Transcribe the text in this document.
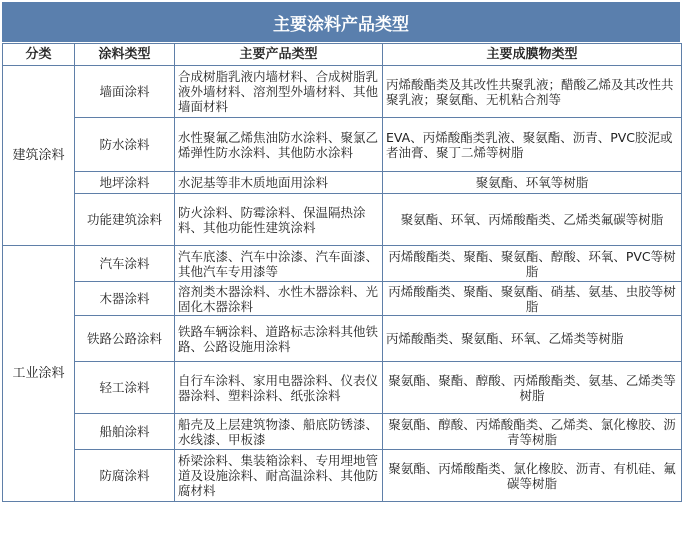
主要涂料产品类型
分类	涂料类型	主要产品类型	主要成膜物类型
建筑涂料	墙面涂料	合成树脂乳液内墙材料、合成树脂乳液外墙材料、溶剂型外墙材料、其他墙面材料	丙烯酸酯类及其改性共聚乳液；醋酸乙烯及其改性共聚乳液；聚氨酯、无机粘合剂等
	防水涂料	水性聚氟乙烯焦油防水涂料、聚氯乙烯弹性防水涂料、其他防水涂料	EVA、丙烯酸酯类乳液、聚氨酯、沥青、PVC胶泥或者油膏、聚丁二烯等树脂
	地坪涂料	水泥基等非木质地面用涂料	聚氨酯、环氧等树脂
	功能建筑涂料	防火涂料、防霉涂料、保温隔热涂料、其他功能性建筑涂料	聚氨酯、环氧、丙烯酸酯类、乙烯类氟碳等树脂
工业涂料	汽车涂料	汽车底漆、汽车中涂漆、汽车面漆、其他汽车专用漆等	丙烯酸酯类、聚酯、聚氨酯、醇酸、环氧、PVC等树脂
	木器涂料	溶剂类木器涂料、水性木器涂料、光固化木器涂料	丙烯酸酯类、聚酯、聚氨酯、硝基、氨基、虫胶等树脂
	铁路公路涂料	铁路车辆涂料、道路标志涂料其他铁路、公路设施用涂料	丙烯酸酯类、聚氨酯、环氧、乙烯类等树脂
	轻工涂料	自行车涂料、家用电器涂料、仪表仪器涂料、塑料涂料、纸张涂料	聚氨酯、聚酯、醇酸、丙烯酸酯类、氨基、乙烯类等树脂
	船舶涂料	船壳及上层建筑物漆、船底防锈漆、水线漆、甲板漆	聚氨酯、醇酸、丙烯酸酯类、乙烯类、氯化橡胶、沥青等树脂
	防腐涂料	桥梁涂料、集装箱涂料、专用埋地管道及设施涂料、耐高温涂料、其他防腐材料	聚氨酯、丙烯酸酯类、氯化橡胶、沥青、有机硅、氟碳等树脂
